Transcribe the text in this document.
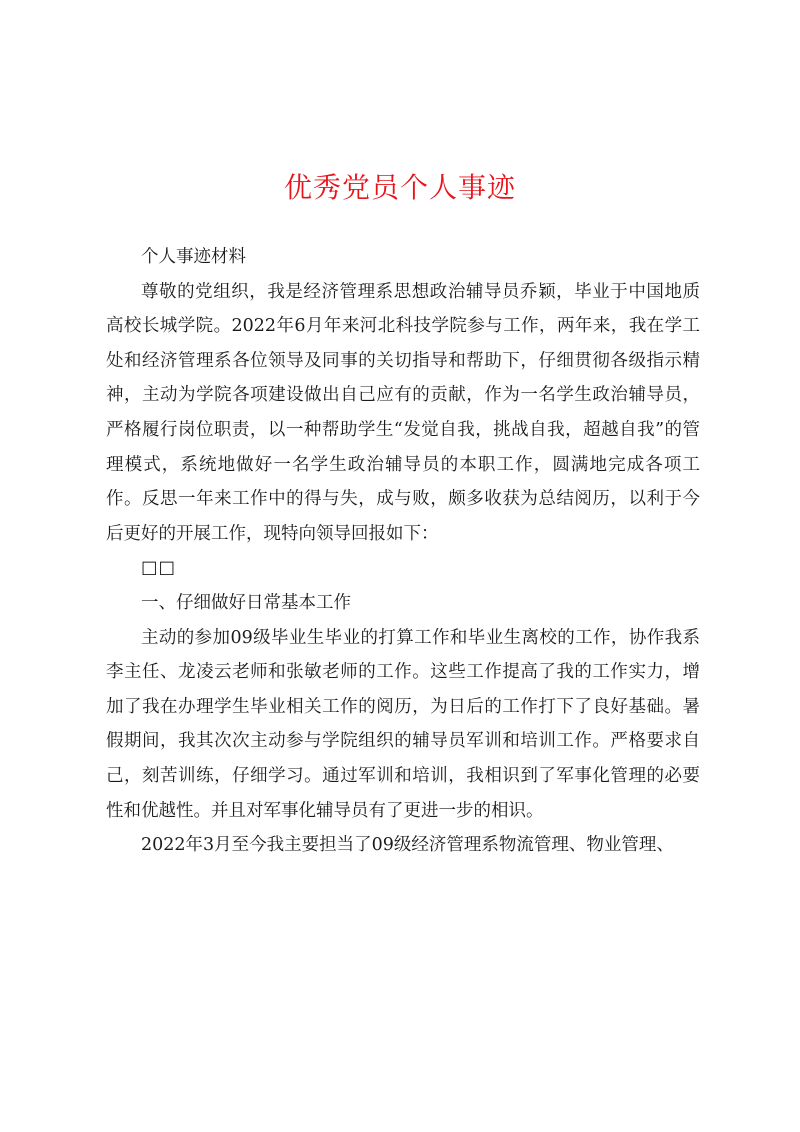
优秀党员个人事迹

个人事迹材料

尊敬的党组织，我是经济管理系思想政治辅导员乔颖，毕业于中国地质高校长城学院。2022年6月年来河北科技学院参与工作，两年来，我在学工处和经济管理系各位领导及同事的关切指导和帮助下，仔细贯彻各级指示精神，主动为学院各项建设做出自己应有的贡献，作为一名学生政治辅导员，严格履行岗位职责，以一种帮助学生“发觉自我，挑战自我，超越自我”的管理模式，系统地做好一名学生政治辅导员的本职工作，圆满地完成各项工作。反思一年来工作中的得与失，成与败，颇多收获为总结阅历，以利于今后更好的开展工作，现特向领导回报如下：

□□

一、仔细做好日常基本工作

主动的参加09级毕业生毕业的打算工作和毕业生离校的工作，协作我系李主任、龙凌云老师和张敏老师的工作。这些工作提高了我的工作实力，增加了我在办理学生毕业相关工作的阅历，为日后的工作打下了良好基础。暑假期间，我其次次主动参与学院组织的辅导员军训和培训工作。严格要求自己，刻苦训练，仔细学习。通过军训和培训，我相识到了军事化管理的必要性和优越性。并且对军事化辅导员有了更进一步的相识。

2022年3月至今我主要担当了09级经济管理系物流管理、物业管理、
